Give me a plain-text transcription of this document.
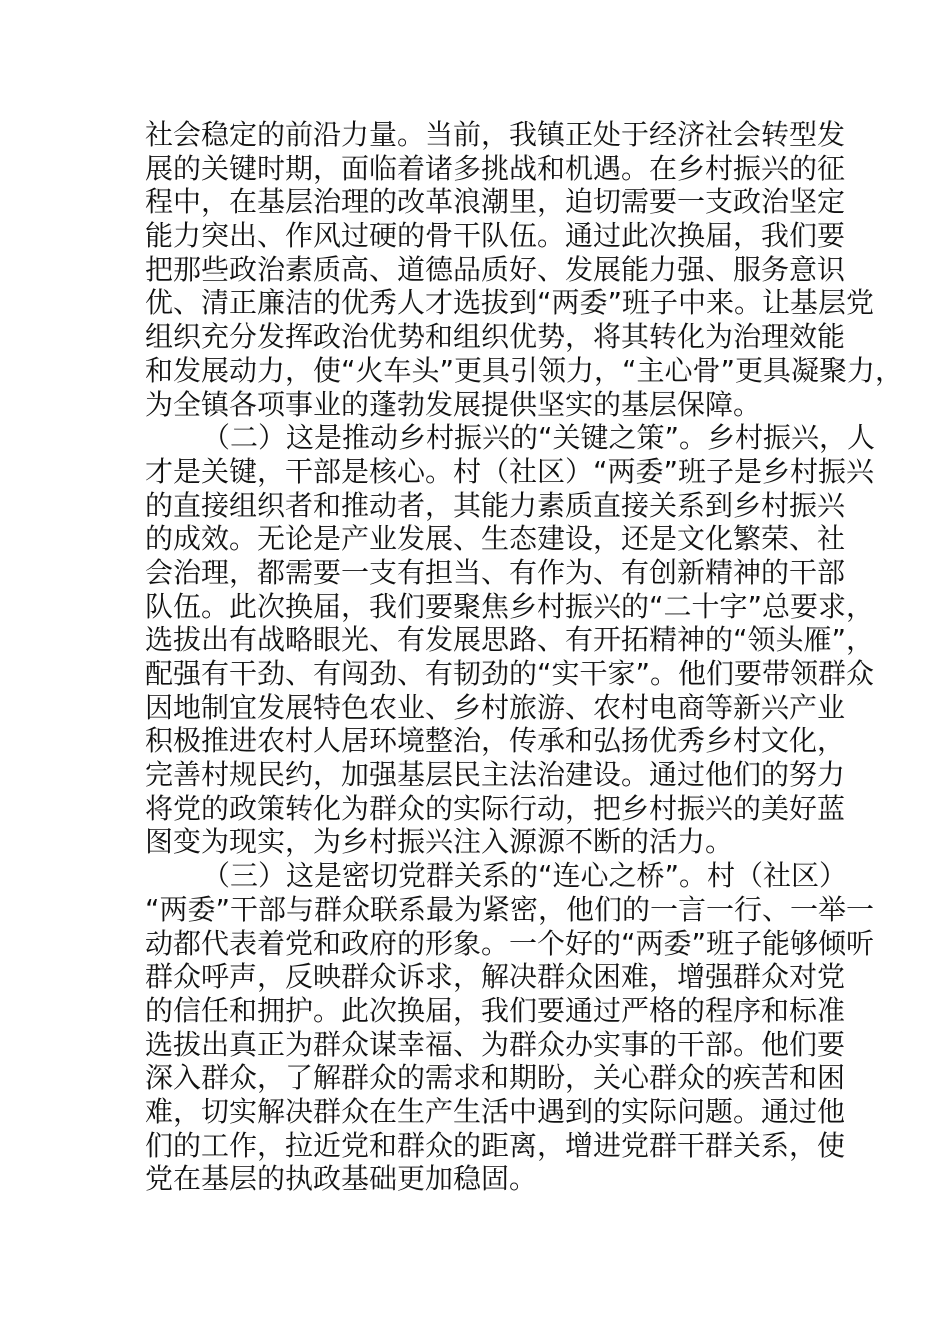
社会稳定的前沿力量。当前，我镇正处于经济社会转型发
展的关键时期，面临着诸多挑战和机遇。在乡村振兴的征
程中，在基层治理的改革浪潮里，迫切需要一支政治坚定
能力突出、作风过硬的骨干队伍。通过此次换届，我们要
把那些政治素质高、道德品质好、发展能力强、服务意识
优、清正廉洁的优秀人才选拔到“两委”班子中来。让基层党
组织充分发挥政治优势和组织优势，将其转化为治理效能
和发展动力，使“火车头”更具引领力，“主心骨”更具凝聚力，
为全镇各项事业的蓬勃发展提供坚实的基层保障。
（二）这是推动乡村振兴的“关键之策”。乡村振兴，人
才是关键，干部是核心。村（社区）“两委”班子是乡村振兴
的直接组织者和推动者，其能力素质直接关系到乡村振兴
的成效。无论是产业发展、生态建设，还是文化繁荣、社
会治理，都需要一支有担当、有作为、有创新精神的干部
队伍。此次换届，我们要聚焦乡村振兴的“二十字”总要求，
选拔出有战略眼光、有发展思路、有开拓精神的“领头雁”，
配强有干劲、有闯劲、有韧劲的“实干家”。他们要带领群众
因地制宜发展特色农业、乡村旅游、农村电商等新兴产业
积极推进农村人居环境整治，传承和弘扬优秀乡村文化，
完善村规民约，加强基层民主法治建设。通过他们的努力
将党的政策转化为群众的实际行动，把乡村振兴的美好蓝
图变为现实，为乡村振兴注入源源不断的活力。
（三）这是密切党群关系的“连心之桥”。村（社区）
“两委”干部与群众联系最为紧密，他们的一言一行、一举一
动都代表着党和政府的形象。一个好的“两委”班子能够倾听
群众呼声，反映群众诉求，解决群众困难，增强群众对党
的信任和拥护。此次换届，我们要通过严格的程序和标准
选拔出真正为群众谋幸福、为群众办实事的干部。他们要
深入群众，了解群众的需求和期盼，关心群众的疾苦和困
难，切实解决群众在生产生活中遇到的实际问题。通过他
们的工作，拉近党和群众的距离，增进党群干群关系，使
党在基层的执政基础更加稳固。
